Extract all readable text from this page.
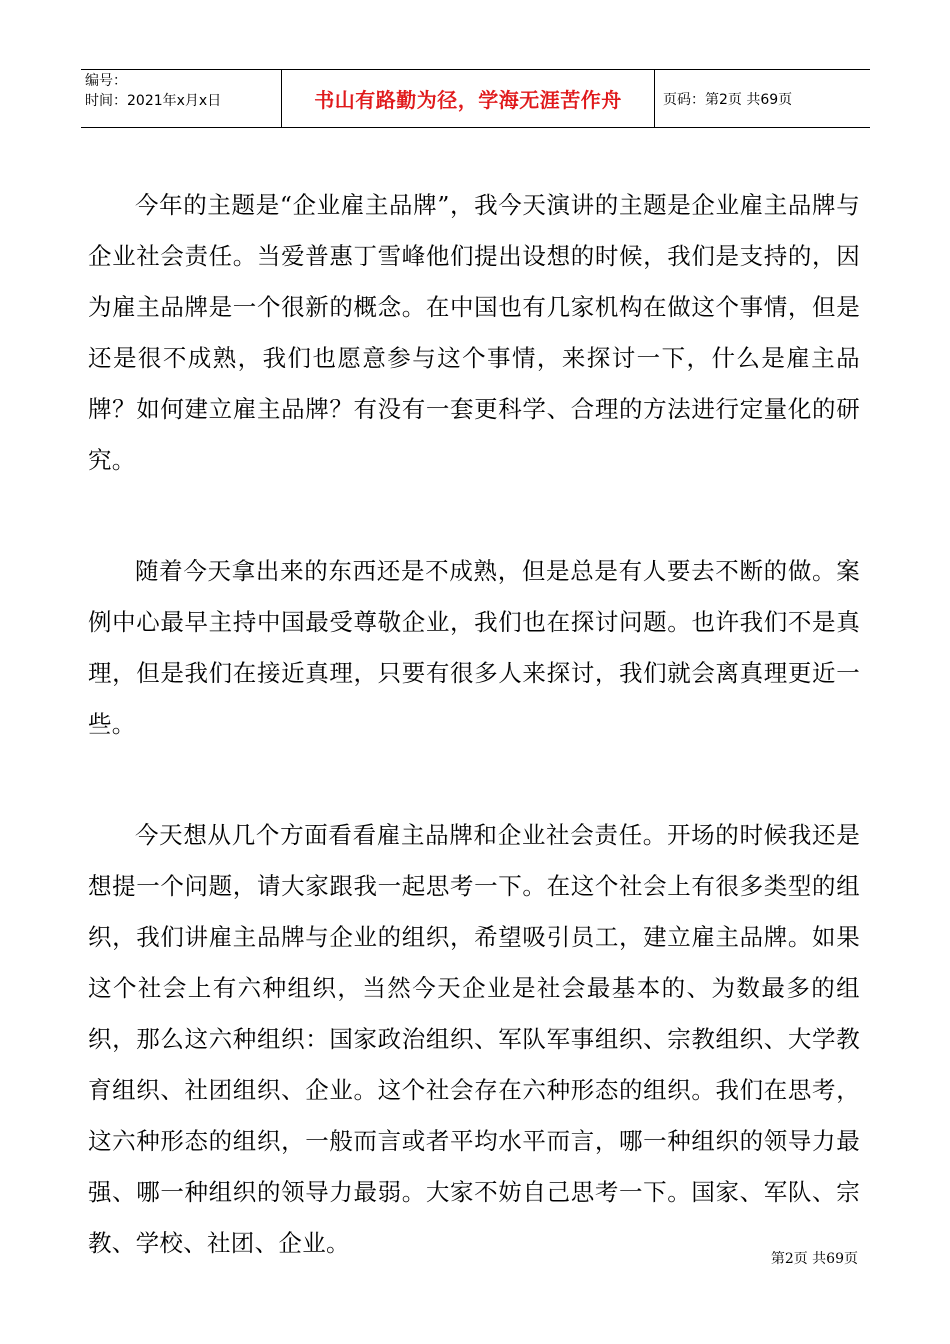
编号：
时间：2021年x月x日	书山有路勤为径，学海无涯苦作舟	页码：第2页 共69页

今年的主题是“企业雇主品牌”，我今天演讲的主题是企业雇主品牌与企业社会责任。当爱普惠丁雪峰他们提出设想的时候，我们是支持的，因为雇主品牌是一个很新的概念。在中国也有几家机构在做这个事情，但是还是很不成熟，我们也愿意参与这个事情，来探讨一下，什么是雇主品牌？如何建立雇主品牌？有没有一套更科学、合理的方法进行定量化的研究。

随着今天拿出来的东西还是不成熟，但是总是有人要去不断的做。案例中心最早主持中国最受尊敬企业，我们也在探讨问题。也许我们不是真理，但是我们在接近真理，只要有很多人来探讨，我们就会离真理更近一些。

今天想从几个方面看看雇主品牌和企业社会责任。开场的时候我还是想提一个问题，请大家跟我一起思考一下。在这个社会上有很多类型的组织，我们讲雇主品牌与企业的组织，希望吸引员工，建立雇主品牌。如果这个社会上有六种组织，当然今天企业是社会最基本的、为数最多的组织，那么这六种组织：国家政治组织、军队军事组织、宗教组织、大学教育组织、社团组织、企业。这个社会存在六种形态的组织。我们在思考，这六种形态的组织，一般而言或者平均水平而言，哪一种组织的领导力最强、哪一种组织的领导力最弱。大家不妨自己思考一下。国家、军队、宗教、学校、社团、企业。

第2页 共69页
